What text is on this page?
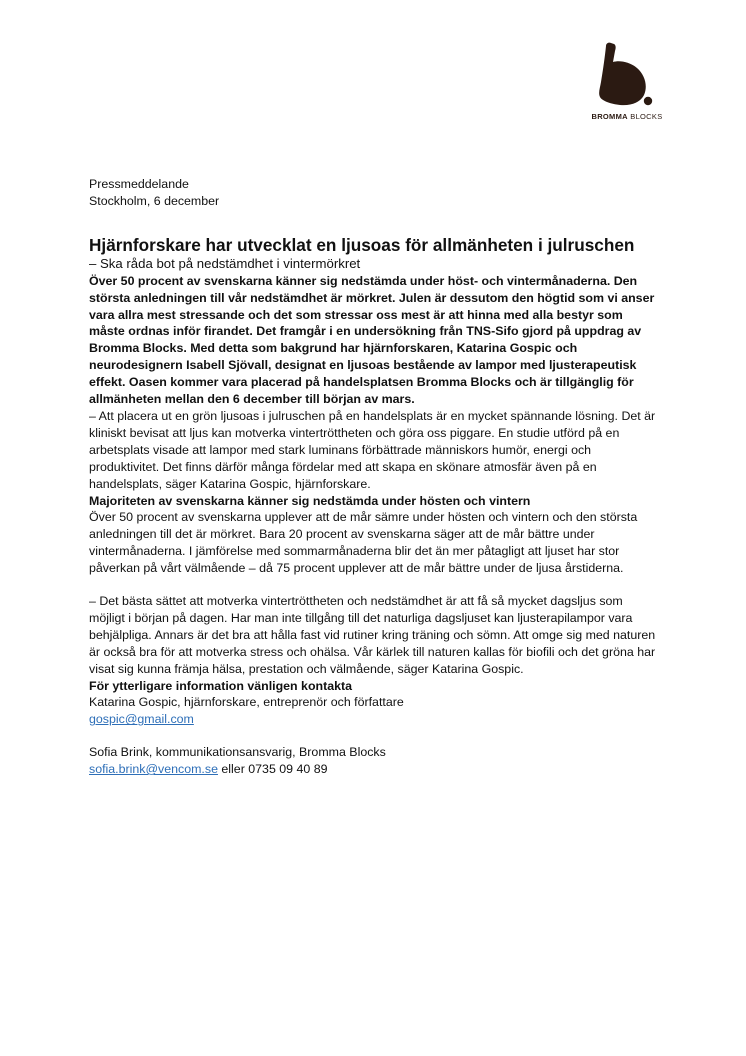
BROMMA BLOCKS

Pressmeddelande

Stockholm, 6 december

Hjärnforskare har utvecklat en ljusoas för allmänheten i julruschen

– Ska råda bot på nedstämdhet i vintermörkret

Över 50 procent av svenskarna känner sig nedstämda under höst- och vintermånaderna. Den största anledningen till vår nedstämdhet är mörkret. Julen är dessutom den högtid som vi anser vara allra mest stressande och det som stressar oss mest är att hinna med alla bestyr som måste ordnas inför firandet. Det framgår i en undersökning från TNS-Sifo gjord på uppdrag av Bromma Blocks. Med detta som bakgrund har hjärnforskaren, Katarina Gospic och neurodesignern Isabell Sjövall, designat en ljusoas bestående av lampor med ljusterapeutisk effekt. Oasen kommer vara placerad på handelsplatsen Bromma Blocks och är tillgänglig för allmänheten mellan den 6 december till början av mars.

– Att placera ut en grön ljusoas i julruschen på en handelsplats är en mycket spännande lösning. Det är kliniskt bevisat att ljus kan motverka vintertröttheten och göra oss piggare. En studie utförd på en arbetsplats visade att lampor med stark luminans förbättrade människors humör, energi och produktivitet. Det finns därför många fördelar med att skapa en skönare atmosfär även på en handelsplats, säger Katarina Gospic, hjärnforskare.

Majoriteten av svenskarna känner sig nedstämda under hösten och vintern

Över 50 procent av svenskarna upplever att de mår sämre under hösten och vintern och den största anledningen till det är mörkret. Bara 20 procent av svenskarna säger att de mår bättre under vintermånaderna. I jämförelse med sommarmånaderna blir det än mer påtagligt att ljuset har stor påverkan på vårt välmående – då 75 procent upplever att de mår bättre under de ljusa årstiderna.

– Det bästa sättet att motverka vintertröttheten och nedstämdhet är att få så mycket dagsljus som möjligt i början på dagen. Har man inte tillgång till det naturliga dagsljuset kan ljusterapilampor vara behjälpliga. Annars är det bra att hålla fast vid rutiner kring träning och sömn. Att omge sig med naturen är också bra för att motverka stress och ohälsa. Vår kärlek till naturen kallas för biofili och det gröna har visat sig kunna främja hälsa, prestation och välmående, säger Katarina Gospic.

För ytterligare information vänligen kontakta

Katarina Gospic, hjärnforskare, entreprenör och författare

gospic@gmail.com

Sofia Brink, kommunikationsansvarig, Bromma Blocks

sofia.brink@vencom.se eller 0735 09 40 89
